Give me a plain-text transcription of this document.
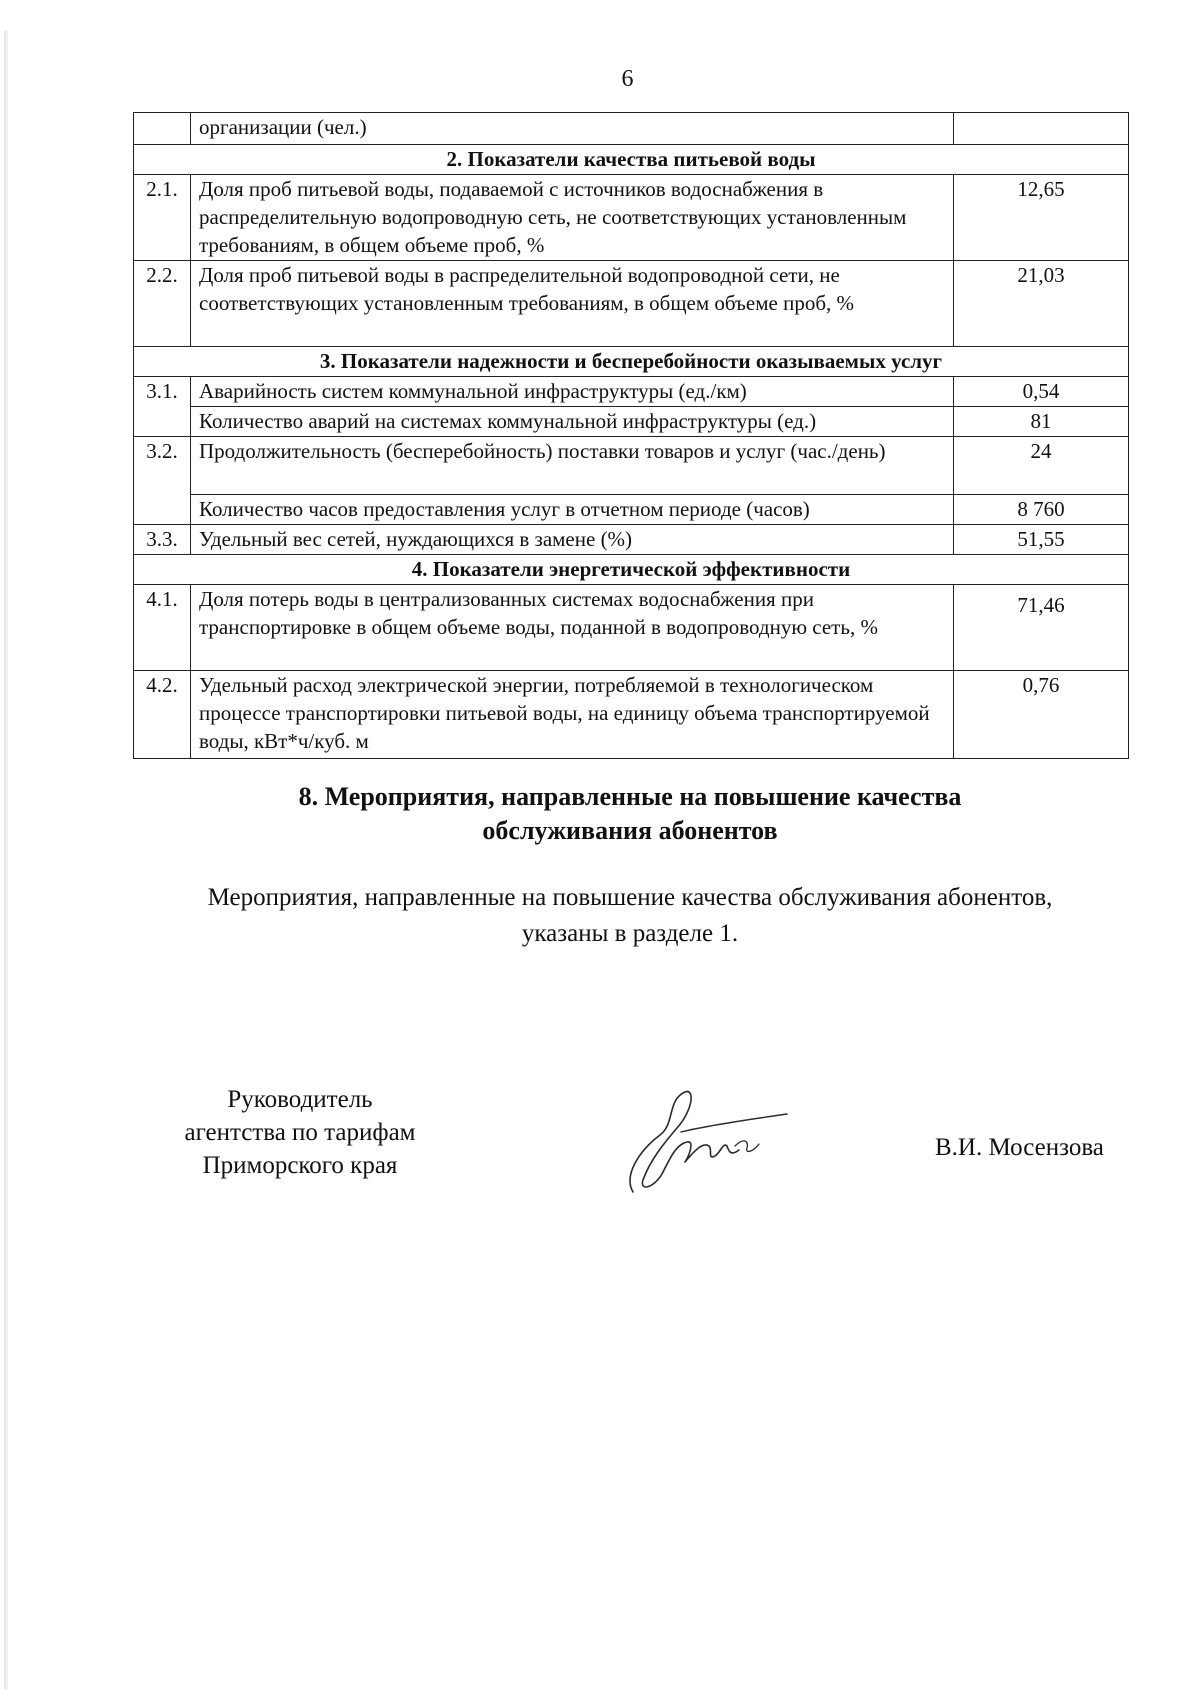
6
	организации (чел.)	
2. Показатели качества питьевой воды		
2.1.	Доля проб питьевой воды, подаваемой с источников водоснабжения в распределительную водопроводную сеть, не соответствующих установленным требованиям, в общем объеме проб, %	12,65
2.2.	Доля проб питьевой воды в распределительной водопроводной сети, не соответствующих установленным требованиям, в общем объеме проб, %	21,03
3. Показатели надежности и бесперебойности оказываемых услуг		
3.1.	Аварийность систем коммунальной инфраструктуры (ед./км)	0,54
	Количество аварий на системах коммунальной инфраструктуры (ед.)	81
3.2.	Продолжительность (бесперебойность) поставки товаров и услуг (час./день)	24
	Количество часов предоставления услуг в отчетном периоде (часов)	8 760
3.3.	Удельный вес сетей, нуждающихся в замене (%)	51,55
4. Показатели энергетической эффективности		
4.1.	Доля потерь воды в централизованных системах водоснабжения при транспортировке в общем объеме воды, поданной в водопроводную сеть, %	71,46
4.2.	Удельный расход электрической энергии, потребляемой в технологическом процессе транспортировки питьевой воды, на единицу объема транспортируемой воды, кВт*ч/куб. м	0,76
8. Мероприятия, направленные на повышение качества
обслуживания абонентов
Мероприятия, направленные на повышение качества обслуживания абонентов,
указаны в разделе 1.
Руководитель
агентства по тарифам
Приморского края
В.И. Мосензова
